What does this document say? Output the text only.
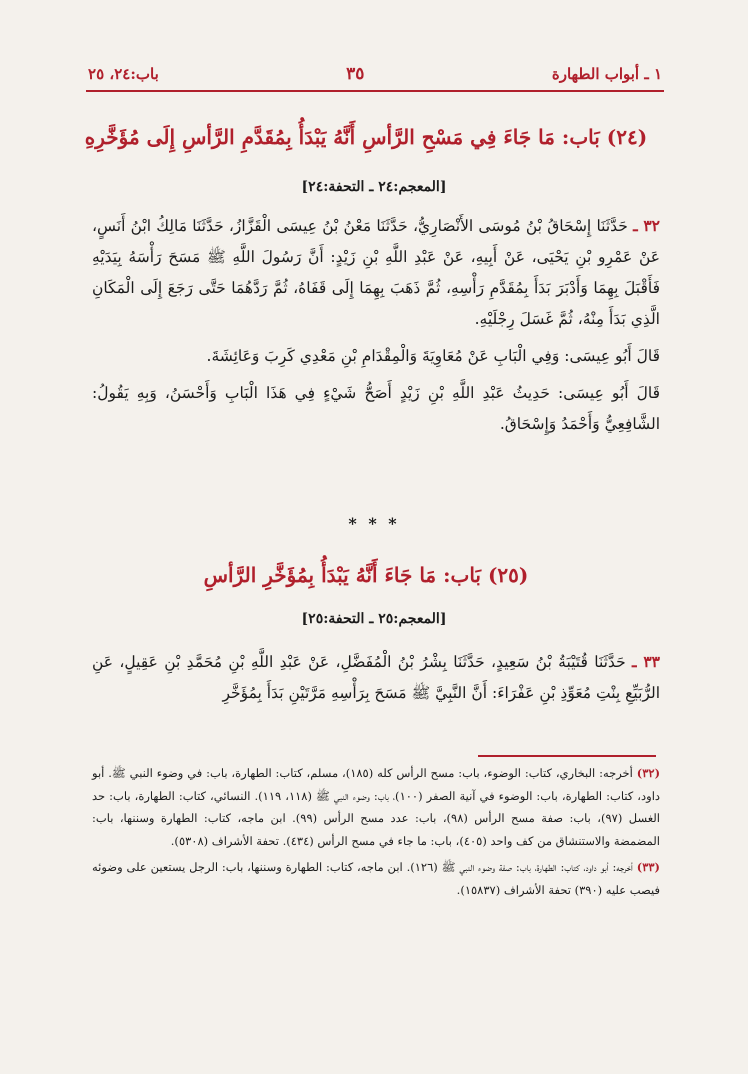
١ ـ أبواب الطهارة
٣٥
باب:٢٤، ٢٥
(٢٤) بَاب: مَا جَاءَ فِي مَسْحِ الرَّأسِ أَنَّهُ يَبْدَأُ بِمُقَدَّمِ الرَّأسِ إِلَى مُؤَخَّرِهِ
[المعجم:٢٤ ـ التحفة:٢٤]

٣٢ ـ حَدَّثَنَا إِسْحَاقُ بْنُ مُوسَى الأَنْصَارِيُّ، حَدَّثَنَا مَعْنُ بْنُ عِيسَى الْقَزَّازُ، حَدَّثَنَا مَالِكُ ابْنُ أَنَسٍ، عَنْ عَمْرِو بْنِ يَحْيَى، عَنْ أَبِيهِ، عَنْ عَبْدِ اللَّهِ بْنِ زَيْدٍ: أَنَّ رَسُولَ اللَّهِ ﷺ مَسَحَ رَأْسَهُ بِيَدَيْهِ فَأَقْبَلَ بِهِمَا وَأَدْبَرَ بَدَأَ بِمُقَدَّمِ رَأْسِهِ، ثُمَّ ذَهَبَ بِهِمَا إِلَى قَفَاهُ، ثُمَّ رَدَّهُمَا حَتَّى رَجَعَ إِلَى الْمَكَانِ الَّذِي بَدَأَ مِنْهُ، ثُمَّ غَسَلَ رِجْلَيْهِ.

قَالَ أَبُو عِيسَى: وَفِي الْبَابِ عَنْ مُعَاوِيَةَ وَالْمِقْدَامِ بْنِ مَعْدِي كَرِبَ وَعَائِشَةَ.

قَالَ أَبُو عِيسَى: حَدِيثُ عَبْدِ اللَّهِ بْنِ زَيْدٍ أَصَحُّ شَيْءٍ فِي هَذَا الْبَابِ وَأَحْسَنُ، وَبِهِ يَقُولُ: الشَّافِعِيُّ وَأَحْمَدُ وَإِسْحَاقُ.

* * *
(٢٥) بَاب: مَا جَاءَ أَنَّهُ يَبْدَأُ بِمُؤَخَّرِ الرَّأسِ
[المعجم:٢٥ ـ التحفة:٢٥]

٣٣ ـ حَدَّثَنَا قُتَيْبَةُ بْنُ سَعِيدٍ، حَدَّثَنَا بِشْرُ بْنُ الْمُفَضَّلِ، عَنْ عَبْدِ اللَّهِ بْنِ مُحَمَّدِ بْنِ عَقِيلٍ، عَنِ الرُّبَيِّعِ بِنْتِ مُعَوِّذِ بْنِ عَفْرَاءَ: أَنَّ النَّبِيَّ ﷺ مَسَحَ بِرَأْسِهِ مَرَّتَيْنِ بَدَأَ بِمُؤَخَّرِ

(٣٢) أخرجه: البخاري، كتاب: الوضوء، باب: مسح الرأس كله (١٨٥)، مسلم، كتاب: الطهارة، باب: في وضوء النبي ﷺ. أبو داود، كتاب: الطهارة، باب: الوضوء في آنية الصفر (١٠٠)، باب: وضوء النبي ﷺ (١١٨، ١١٩). النسائي، كتاب: الطهارة، باب: حد الغسل (٩٧)، باب: صفة مسح الرأس (٩٨)، باب: عدد مسح الرأس (٩٩). ابن ماجه، كتاب: الطهارة وسننها، باب: المضمضة والاستنشاق من كف واحد (٤٠٥)، باب: ما جاء في مسح الرأس (٤٣٤). تحفة الأشراف (٥٣٠٨).

(٣٣) أخرجه: أبو داود، كتاب: الطهارة، باب: صفة وضوء النبي ﷺ (١٢٦). ابن ماجه، كتاب: الطهارة وسننها، باب: الرجل يستعين على وضوئه فيصب عليه (٣٩٠) تحفة الأشراف (١٥٨٣٧).
